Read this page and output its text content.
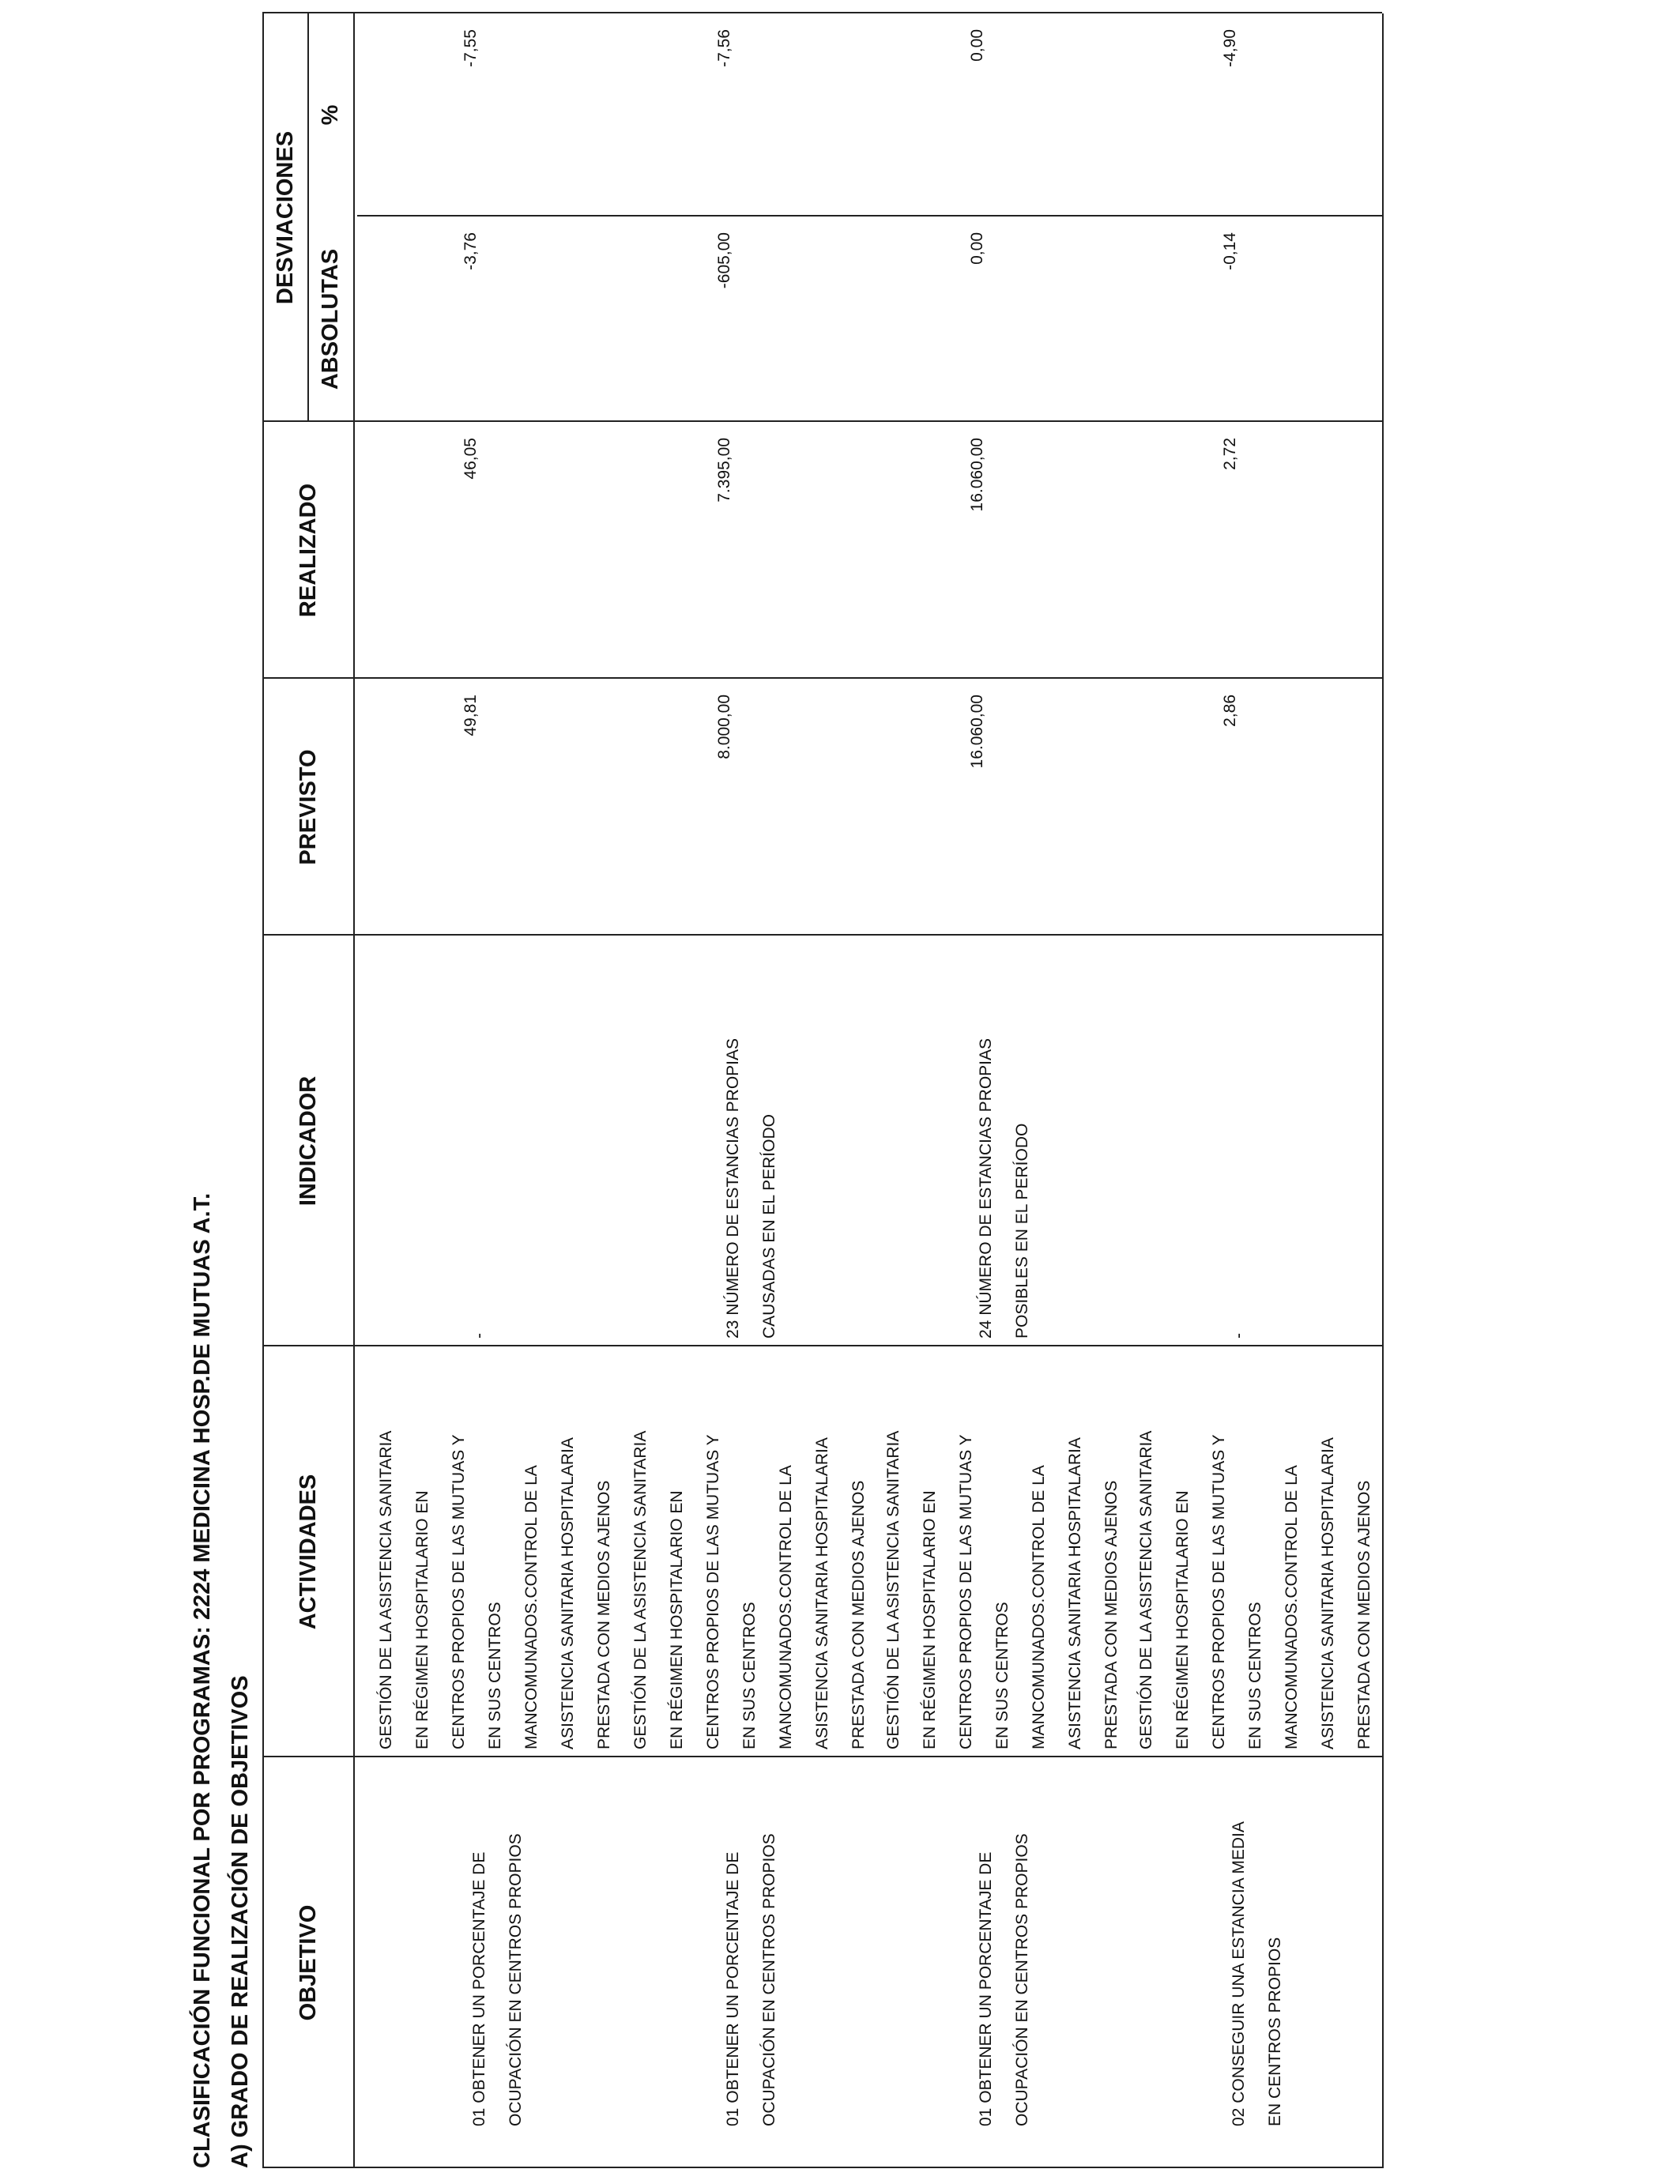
CLASIFICACIÓN FUNCIONAL POR PROGRAMAS: 2224 MEDICINA HOSP.DE MUTUAS A.T. A) GRADO DE REALIZACIÓN DE OBJETIVOS OBJETIVO
INDICADOR
ACTIVIDADES
PREVISTO
REALIZADO
DESVIACIONES
ABSOLUTAS
%
01 OBTENER UN PORCENTAJE DE	OCUPACIÓN EN CENTROS PROPIOS
GESTIÓN DE LA ASISTENCIA SANITARIA	EN RÉGIMEN HOSPITALARIO EN	CENTROS PROPIOS DE LAS MUTUAS Y	EN SUS CENTROS	MANCOMUNADOS.CONTROL DE LA	ASISTENCIA SANITARIA HOSPITALARIA	PRESTADA CON MEDIOS AJENOS
-
49,81
46,05
-3,76
-7,55
01 OBTENER UN PORCENTAJE DE	OCUPACIÓN EN CENTROS PROPIOS
GESTIÓN DE LA ASISTENCIA SANITARIA	EN RÉGIMEN HOSPITALARIO EN	CENTROS PROPIOS DE LAS MUTUAS Y	EN SUS CENTROS	MANCOMUNADOS.CONTROL DE LA	ASISTENCIA SANITARIA HOSPITALARIA	PRESTADA CON MEDIOS AJENOS
23 NÚMERO DE ESTANCIAS PROPIAS	CAUSADAS EN EL PERÍODO
8.000,00
7.395,00
-605,00
-7,56
01 OBTENER UN PORCENTAJE DE	OCUPACIÓN EN CENTROS PROPIOS
GESTIÓN DE LA ASISTENCIA SANITARIA	EN RÉGIMEN HOSPITALARIO EN	CENTROS PROPIOS DE LAS MUTUAS Y	EN SUS CENTROS	MANCOMUNADOS.CONTROL DE LA	ASISTENCIA SANITARIA HOSPITALARIA	PRESTADA CON MEDIOS AJENOS
24 NÚMERO DE ESTANCIAS PROPIAS	POSIBLES EN EL PERÍODO
16.060,00
16.060,00
0,00
0,00
02 CONSEGUIR UNA ESTANCIA MEDIA	EN CENTROS PROPIOS
GESTIÓN DE LA ASISTENCIA SANITARIA	EN RÉGIMEN HOSPITALARIO EN	CENTROS PROPIOS DE LAS MUTUAS Y	EN SUS CENTROS	MANCOMUNADOS.CONTROL DE LA	ASISTENCIA SANITARIA HOSPITALARIA	PRESTADA CON MEDIOS AJENOS
-
2,86
2,72
-0,14
-4,90
